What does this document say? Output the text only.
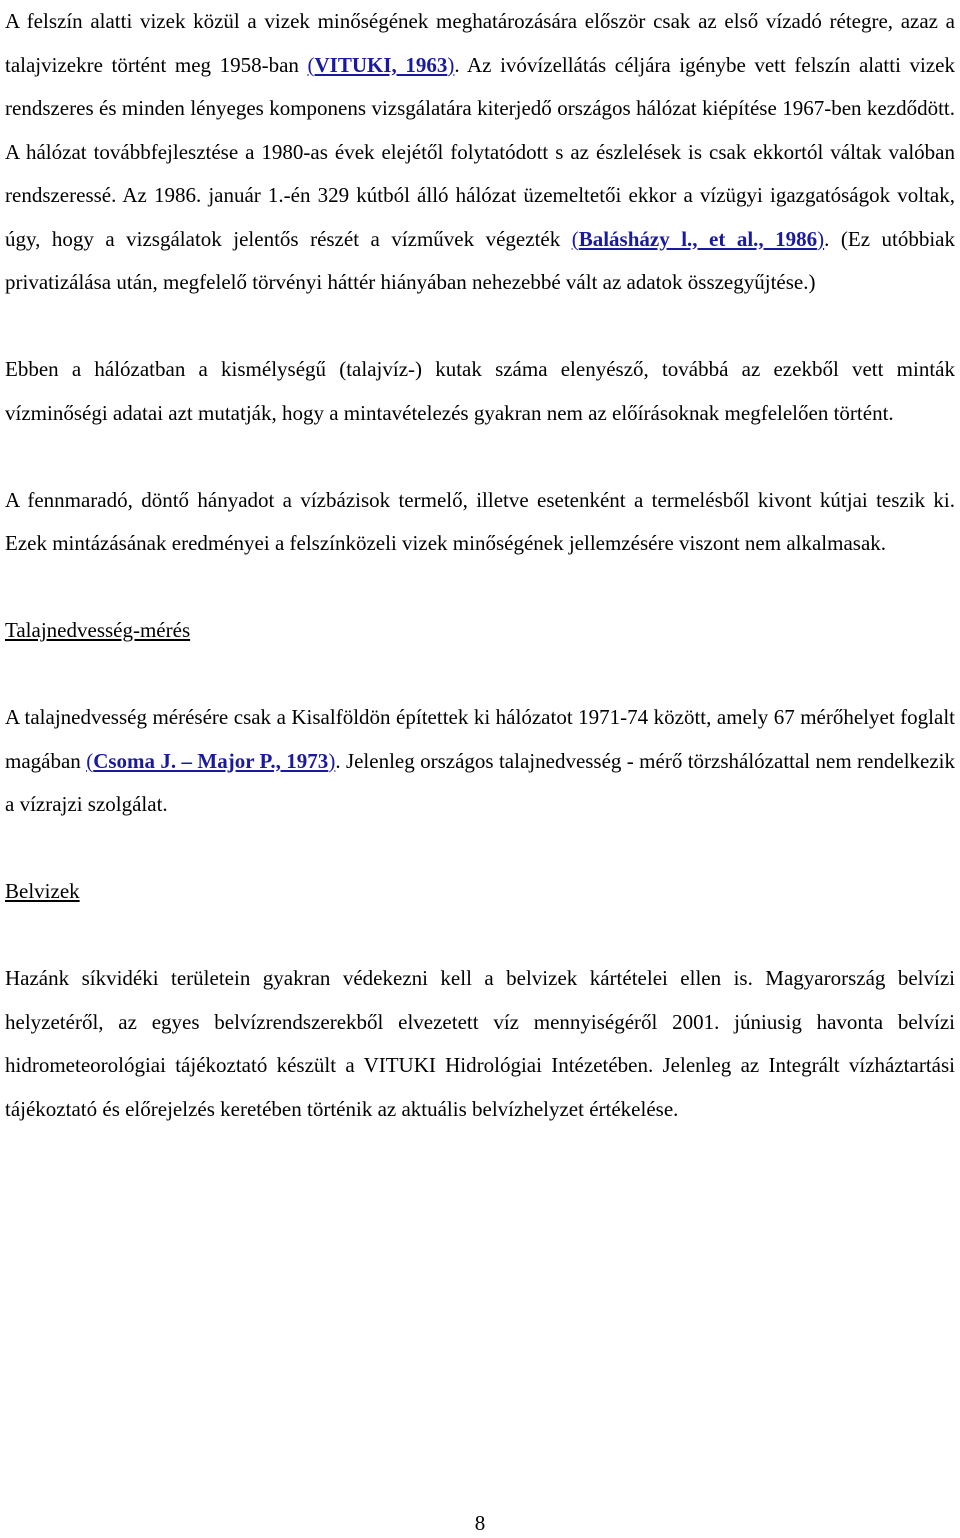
A felszín alatti vizek közül a vizek minőségének meghatározására először csak az első vízadó rétegre, azaz a talajvizekre történt meg 1958-ban (VITUKI, 1963). Az ivóvízellátás céljára igénybe vett felszín alatti vizek rendszeres és minden lényeges komponens vizsgálatára kiterjedő országos hálózat kiépítése 1967-ben kezdődött. A hálózat továbbfejlesztése a 1980-as évek elejétől folytatódott s az észlelések is csak ekkortól váltak valóban rendszeressé. Az 1986. január 1.-én 329 kútból álló hálózat üzemeltetői ekkor a vízügyi igazgatóságok voltak, úgy, hogy a vizsgálatok jelentős részét a vízművek végezték (Balásházy l., et al., 1986). (Ez utóbbiak privatizálása után, megfelelő törvényi háttér hiányában nehezebbé vált az adatok összegyűjtése.)

Ebben a hálózatban a kismélységű (talajvíz-) kutak száma elenyésző, továbbá az ezekből vett minták vízminőségi adatai azt mutatják, hogy a mintavételezés gyakran nem az előírásoknak megfelelően történt.

A fennmaradó, döntő hányadot a vízbázisok termelő, illetve esetenként a termelésből kivont kútjai teszik ki. Ezek mintázásának eredményei a felszínközeli vizek minőségének jellemzésére viszont nem alkalmasak.

Talajnedvesség-mérés

A talajnedvesség mérésére csak a Kisalföldön építettek ki hálózatot 1971-74 között, amely 67 mérőhelyet foglalt magában (Csoma J. – Major P., 1973). Jelenleg országos talajnedvesség - mérő törzshálózattal nem rendelkezik a vízrajzi szolgálat.

Belvizek

Hazánk síkvidéki területein gyakran védekezni kell a belvizek kártételei ellen is. Magyarország belvízi helyzetéről, az egyes belvízrendszerekből elvezetett víz mennyiségéről 2001. júniusig havonta belvízi hidrometeorológiai tájékoztató készült a VITUKI Hidrológiai Intézetében. Jelenleg az Integrált vízháztartási tájékoztató és előrejelzés keretében történik az aktuális belvízhelyzet értékelése.

8
